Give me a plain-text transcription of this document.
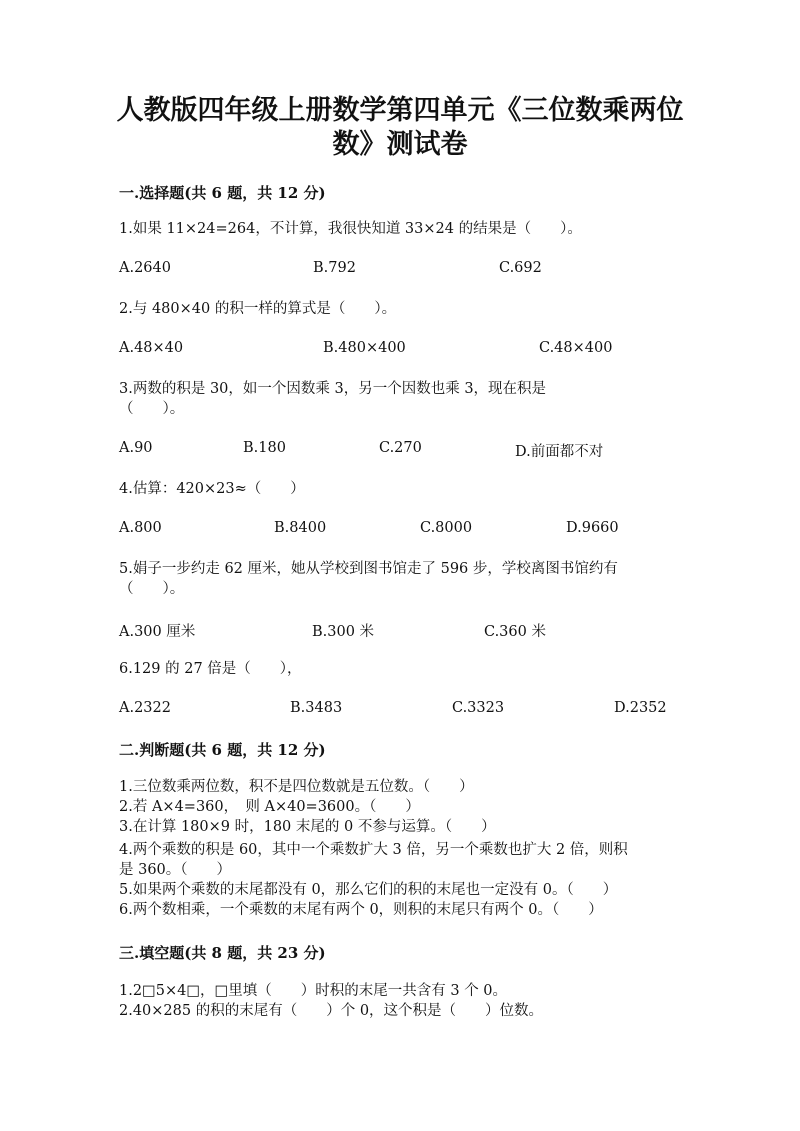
人教版四年级上册数学第四单元《三位数乘两位
数》测试卷
一.选择题(共 6 题，共 12 分)
1.如果 11×24=264，不计算，我很快知道 33×24 的结果是（　　）。
A.2640	B.792	C.692
2.与 480×40 的积一样的算式是（　　）。
A.48×40	B.480×400	C.48×400
3.两数的积是 30，如一个因数乘 3，另一个因数也乘 3，现在积是
（　　）。
A.90	B.180	C.270	D.前面都不对
4.估算：420×23≈（　　）
A.800	B.8400	C.8000	D.9660
5.娟子一步约走 62 厘米，她从学校到图书馆走了 596 步，学校离图书馆约有
（　　）。
A.300 厘米	B.300 米	C.360 米
6.129 的 27 倍是（　　），
A.2322	B.3483	C.3323	D.2352
二.判断题(共 6 题，共 12 分)
1.三位数乘两位数，积不是四位数就是五位数。（　　）
2.若 A×4=360，　则 A×40=3600。（　　）
3.在计算 180×9 时，180 末尾的 0 不参与运算。（　　）
4.两个乘数的积是 60，其中一个乘数扩大 3 倍，另一个乘数也扩大 2 倍，则积
是 360。（　　）
5.如果两个乘数的末尾都没有 0，那么它们的积的末尾也一定没有 0。（　　）
6.两个数相乘，一个乘数的末尾有两个 0，则积的末尾只有两个 0。（　　）
三.填空题(共 8 题，共 23 分)
1.2□5×4□，□里填（　　）时积的末尾一共含有 3 个 0。
2.40×285 的积的末尾有（　　）个 0，这个积是（　　）位数。
